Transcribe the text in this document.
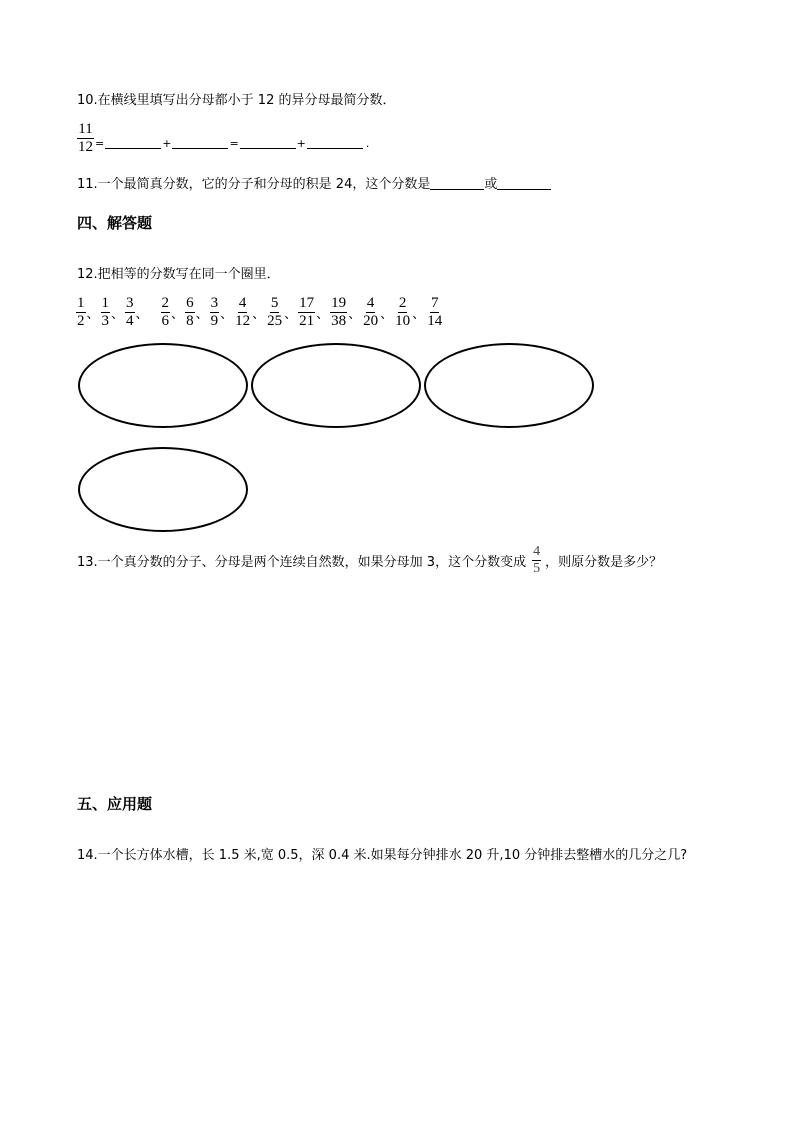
10.在横线里填写出分母都小于 12 的异分母最简分数．
$\frac{11}{12}$ =	+	=	+	.
11.一个最简真分数，它的分子和分母的积是 24，这个分数是	或
四、解答题
12.把相等的分数写在同一个圈里．
$\frac{1}{2}$ 、 $\frac{1}{3}$ 、 $\frac{3}{4}$ 、 $\frac{2}{6}$ 、 $\frac{6}{8}$ 、 $\frac{3}{9}$ 、 $\frac{4}{12}$ 、 $\frac{5}{25}$ 、 $\frac{17}{21}$ 、 $\frac{19}{38}$ 、 $\frac{4}{20}$ 、 $\frac{2}{10}$ 、 $\frac{7}{14}$
13.一个真分数的分子、分母是两个连续自然数，如果分母加 3，这个分数变成 $\frac{4}{5}$ ，则原分数是多少？
五、应用题
14.一个长方体水槽，长 1.5 米,宽 0.5，深 0.4 米.如果每分钟排水 20 升,10 分钟排去整槽水的几分之几?
